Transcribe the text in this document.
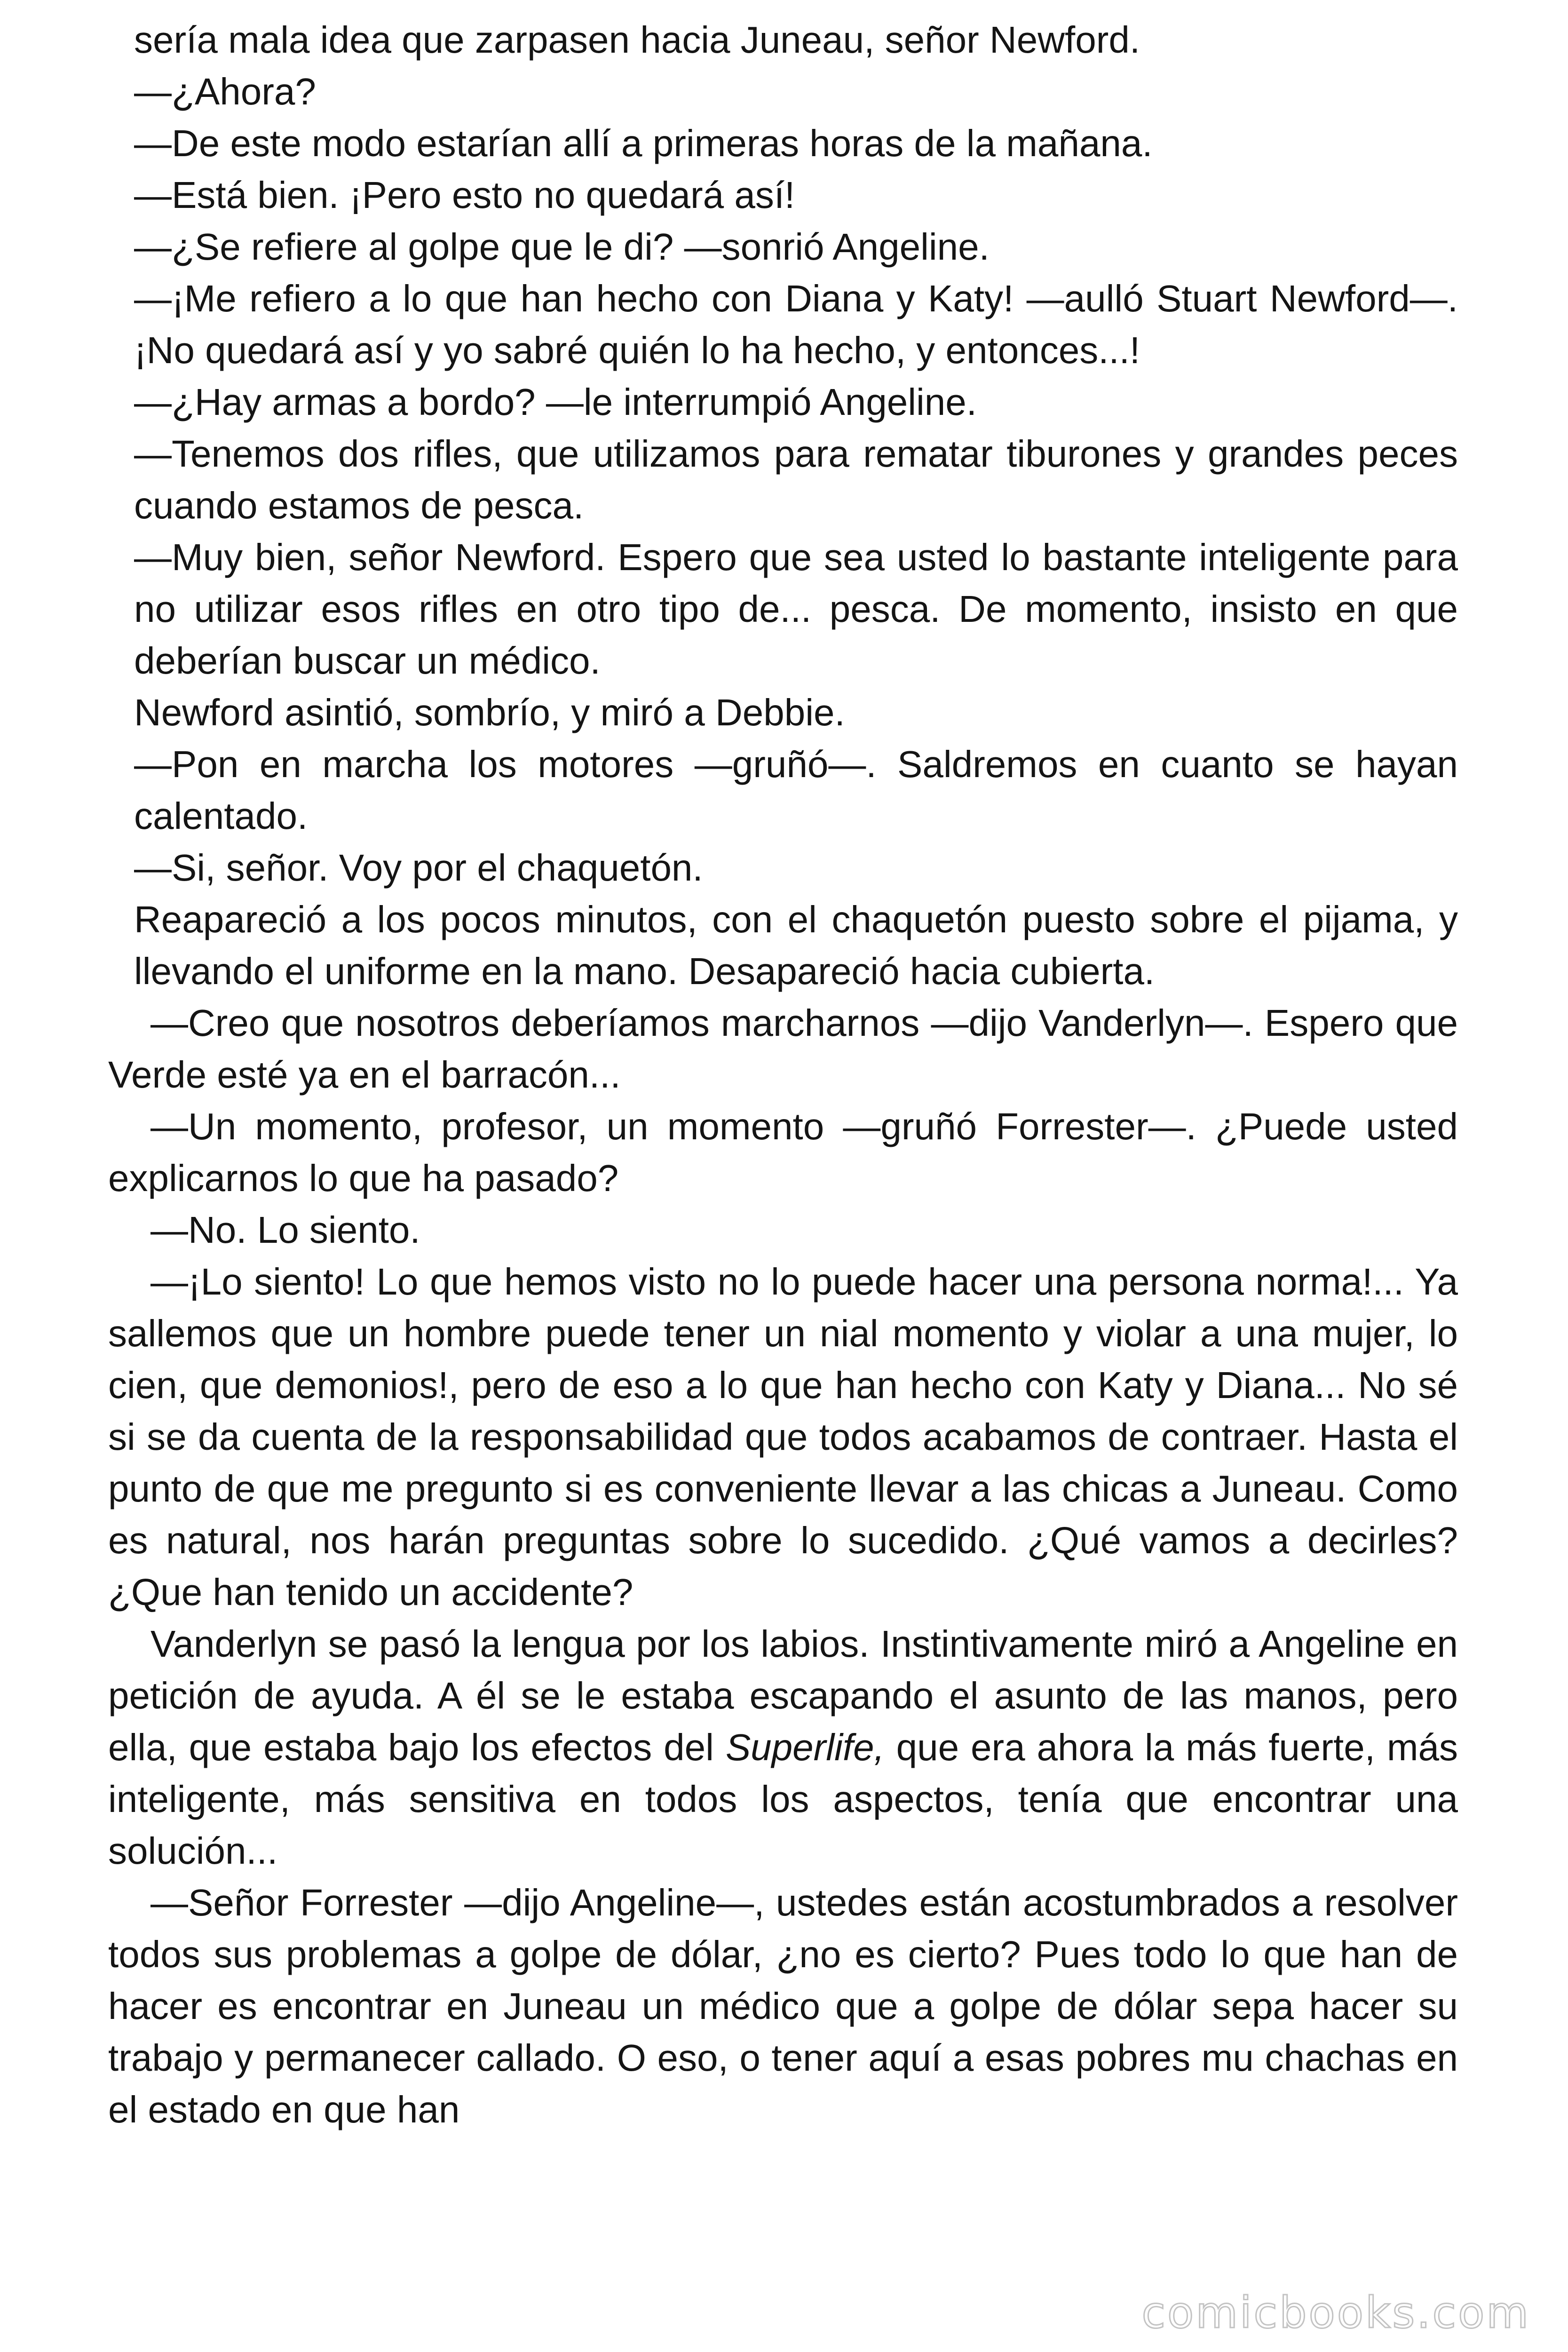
sería mala idea que zarpasen hacia Juneau, señor Newford.

—¿Ahora?

—De este modo estarían allí a primeras horas de la mañana.

—Está bien. ¡Pero esto no quedará así!

—¿Se refiere al golpe que le di? —sonrió Angeline.

—¡Me refiero a lo que han hecho con Diana y Katy! —aulló Stuart Newford—. ¡No quedará así y yo sabré quién lo ha hecho, y entonces...!

—¿Hay armas a bordo? —le interrumpió Angeline.

—Tenemos dos rifles, que utilizamos para rematar tiburones y grandes peces cuando estamos de pesca.

—Muy bien, señor Newford. Espero que sea usted lo bastante inteligente para no utilizar esos rifles en otro tipo de... pesca. De momento, insisto en que deberían buscar un médico.

Newford asintió, sombrío, y miró a Debbie.

—Pon en marcha los motores —gruñó—. Saldremos en cuanto se hayan calentado.

—Si, señor. Voy por el chaquetón.

Reapareció a los pocos minutos, con el chaquetón puesto sobre el pijama, y llevando el uniforme en la mano. Desapareció hacia cubierta.

—Creo que nosotros deberíamos marcharnos —dijo Vanderlyn—. Espero que Verde esté ya en el barracón...

—Un momento, profesor, un momento —gruñó Forrester—. ¿Puede usted explicarnos lo que ha pasado?

—No. Lo siento.

—¡Lo siento! Lo que hemos visto no lo puede hacer una persona norma!... Ya sallemos que un hombre puede tener un nial momento y violar a una mujer, lo cien, que demonios!, pero de eso a lo que han hecho con Katy y Diana... No sé si se da cuenta de la responsabilidad que todos acabamos de contraer. Hasta el punto de que me pregunto si es conveniente llevar a las chicas a Juneau. Como es natural, nos harán preguntas sobre lo sucedido. ¿Qué vamos a decirles? ¿Que han tenido un accidente?

Vanderlyn se pasó la lengua por los labios. Instintivamente miró a Angeline en petición de ayuda. A él se le estaba escapando el asunto de las manos, pero ella, que estaba bajo los efectos del Superlife, que era ahora la más fuerte, más inteligente, más sensitiva en todos los aspectos, tenía que encontrar una solución...

—Señor Forrester —dijo Angeline—, ustedes están acostumbrados a resolver todos sus problemas a golpe de dólar, ¿no es cierto? Pues todo lo que han de hacer es encontrar en Juneau un médico que a golpe de dólar sepa hacer su trabajo y permanecer callado. O eso, o tener aquí a esas pobres mu chachas en el estado en que han

comicbooks.com
